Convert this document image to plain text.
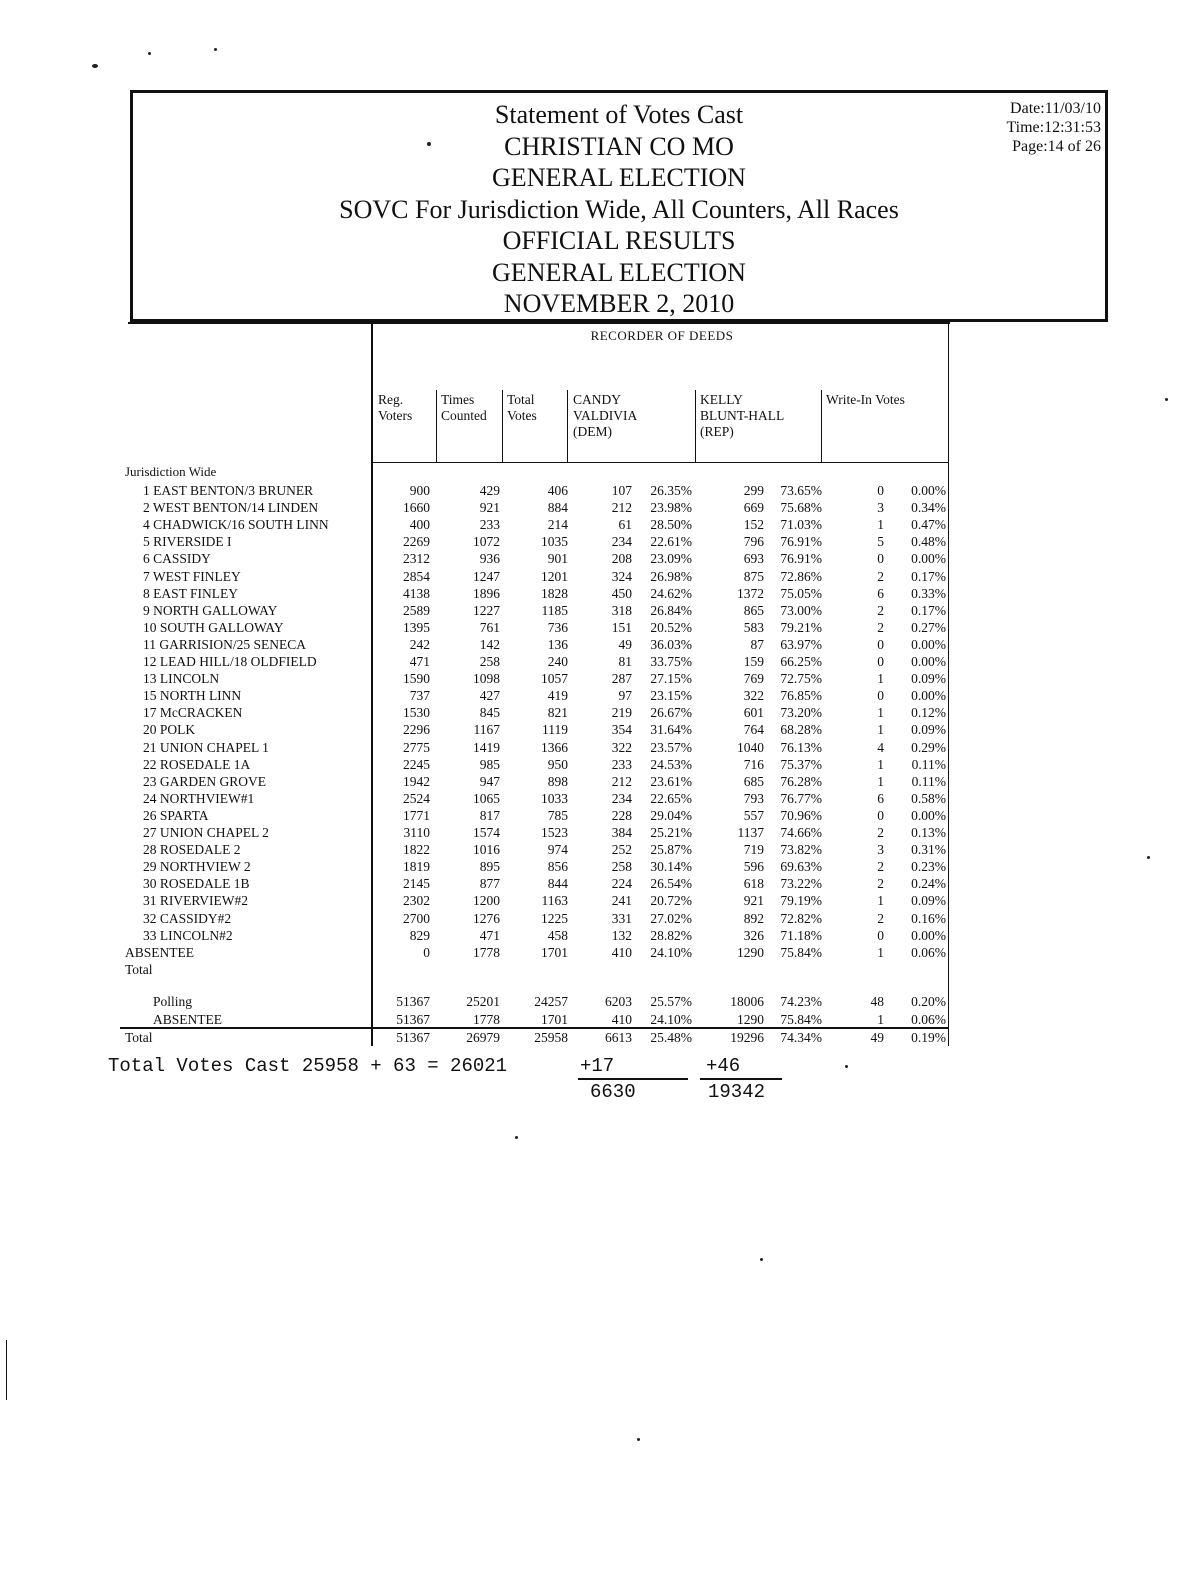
Statement of Votes Cast
CHRISTIAN CO MO
GENERAL ELECTION
SOVC For Jurisdiction Wide, All Counters, All Races
OFFICIAL RESULTS
GENERAL ELECTION
NOVEMBER 2, 2010
Date:11/03/10
Time:12:31:53
Page:14 of 26
RECORDER OF DEEDS
Reg.
Voters
Times
Counted
Total
Votes
CANDY
VALDIVIA
(DEM)
KELLY
BLUNT-HALL
(REP)
Write-In Votes
Jurisdiction Wide
1 EAST BENTON/3 BRUNER	900	429	406	107	26.35%	299	73.65%	0	0.00%
2 WEST BENTON/14 LINDEN	1660	921	884	212	23.98%	669	75.68%	3	0.34%
4 CHADWICK/16 SOUTH LINN	400	233	214	61	28.50%	152	71.03%	1	0.47%
5 RIVERSIDE I	2269	1072	1035	234	22.61%	796	76.91%	5	0.48%
6 CASSIDY	2312	936	901	208	23.09%	693	76.91%	0	0.00%
7 WEST FINLEY	2854	1247	1201	324	26.98%	875	72.86%	2	0.17%
8 EAST FINLEY	4138	1896	1828	450	24.62%	1372	75.05%	6	0.33%
9 NORTH GALLOWAY	2589	1227	1185	318	26.84%	865	73.00%	2	0.17%
10 SOUTH GALLOWAY	1395	761	736	151	20.52%	583	79.21%	2	0.27%
11 GARRISION/25 SENECA	242	142	136	49	36.03%	87	63.97%	0	0.00%
12 LEAD HILL/18 OLDFIELD	471	258	240	81	33.75%	159	66.25%	0	0.00%
13 LINCOLN	1590	1098	1057	287	27.15%	769	72.75%	1	0.09%
15 NORTH LINN	737	427	419	97	23.15%	322	76.85%	0	0.00%
17 McCRACKEN	1530	845	821	219	26.67%	601	73.20%	1	0.12%
20 POLK	2296	1167	1119	354	31.64%	764	68.28%	1	0.09%
21 UNION CHAPEL 1	2775	1419	1366	322	23.57%	1040	76.13%	4	0.29%
22 ROSEDALE 1A	2245	985	950	233	24.53%	716	75.37%	1	0.11%
23 GARDEN GROVE	1942	947	898	212	23.61%	685	76.28%	1	0.11%
24 NORTHVIEW#1	2524	1065	1033	234	22.65%	793	76.77%	6	0.58%
26 SPARTA	1771	817	785	228	29.04%	557	70.96%	0	0.00%
27 UNION CHAPEL 2	3110	1574	1523	384	25.21%	1137	74.66%	2	0.13%
28 ROSEDALE 2	1822	1016	974	252	25.87%	719	73.82%	3	0.31%
29 NORTHVIEW 2	1819	895	856	258	30.14%	596	69.63%	2	0.23%
30 ROSEDALE 1B	2145	877	844	224	26.54%	618	73.22%	2	0.24%
31 RIVERVIEW#2	2302	1200	1163	241	20.72%	921	79.19%	1	0.09%
32 CASSIDY#2	2700	1276	1225	331	27.02%	892	72.82%	2	0.16%
33 LINCOLN#2	829	471	458	132	28.82%	326	71.18%	0	0.00%
ABSENTEE	0	1778	1701	410	24.10%	1290	75.84%	1	0.06%
Total
Polling	51367	25201	24257	6203	25.57%	18006	74.23%	48	0.20%
ABSENTEE	51367	1778	1701	410	24.10%	1290	75.84%	1	0.06%
Total	51367	26979	25958	6613	25.48%	19296	74.34%	49	0.19%
Total Votes Cast 25958 + 63 = 26021	+17	+46
6630	19342
